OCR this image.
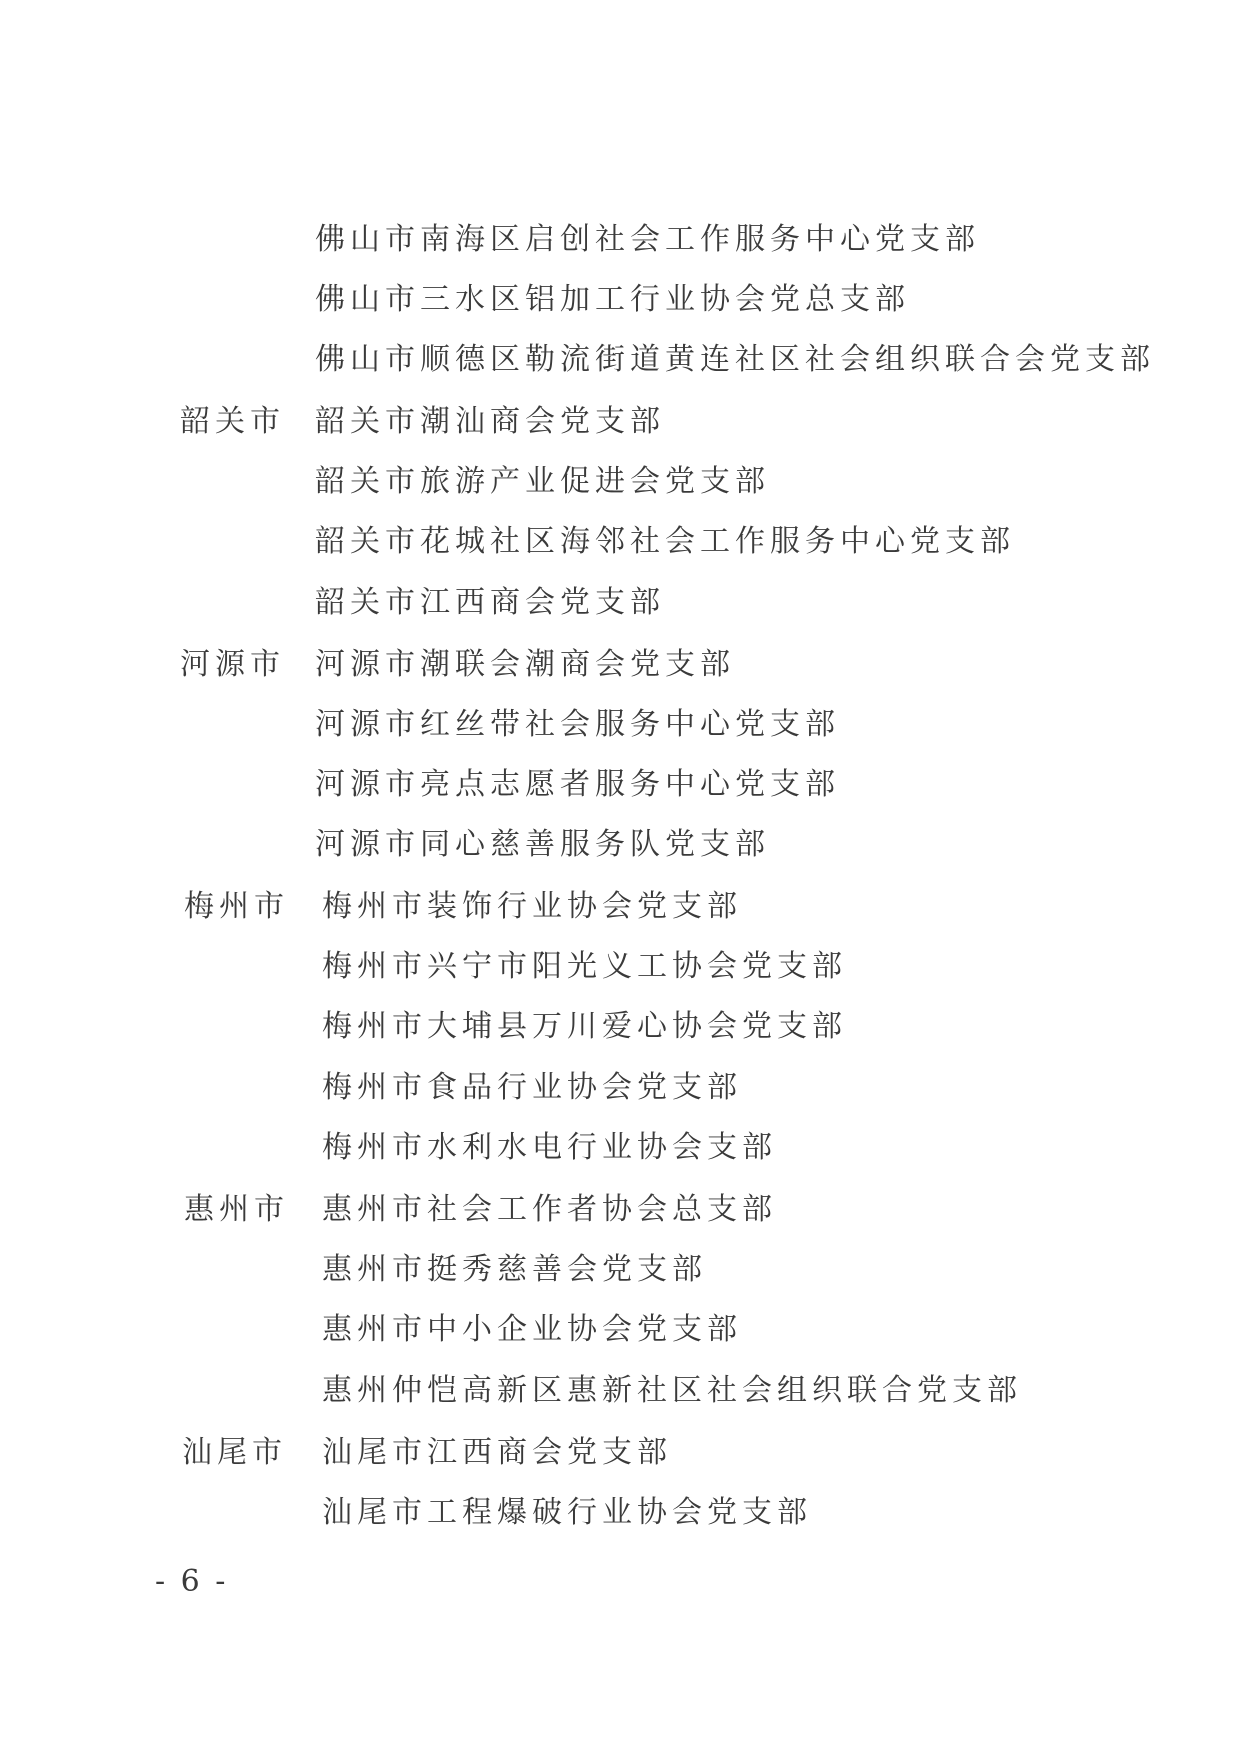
佛山市南海区启创社会工作服务中心党支部
佛山市三水区铝加工行业协会党总支部
佛山市顺德区勒流街道黄连社区社会组织联合会党支部
韶关市 韶关市潮汕商会党支部
韶关市旅游产业促进会党支部
韶关市花城社区海邻社会工作服务中心党支部
韶关市江西商会党支部
河源市 河源市潮联会潮商会党支部
河源市红丝带社会服务中心党支部
河源市亮点志愿者服务中心党支部
河源市同心慈善服务队党支部
梅州市 梅州市装饰行业协会党支部
梅州市兴宁市阳光义工协会党支部
梅州市大埔县万川爱心协会党支部
梅州市食品行业协会党支部
梅州市水利水电行业协会支部
惠州市 惠州市社会工作者协会总支部
惠州市挺秀慈善会党支部
惠州市中小企业协会党支部
惠州仲恺高新区惠新社区社会组织联合党支部
汕尾市 汕尾市江西商会党支部
汕尾市工程爆破行业协会党支部
- 6 -
